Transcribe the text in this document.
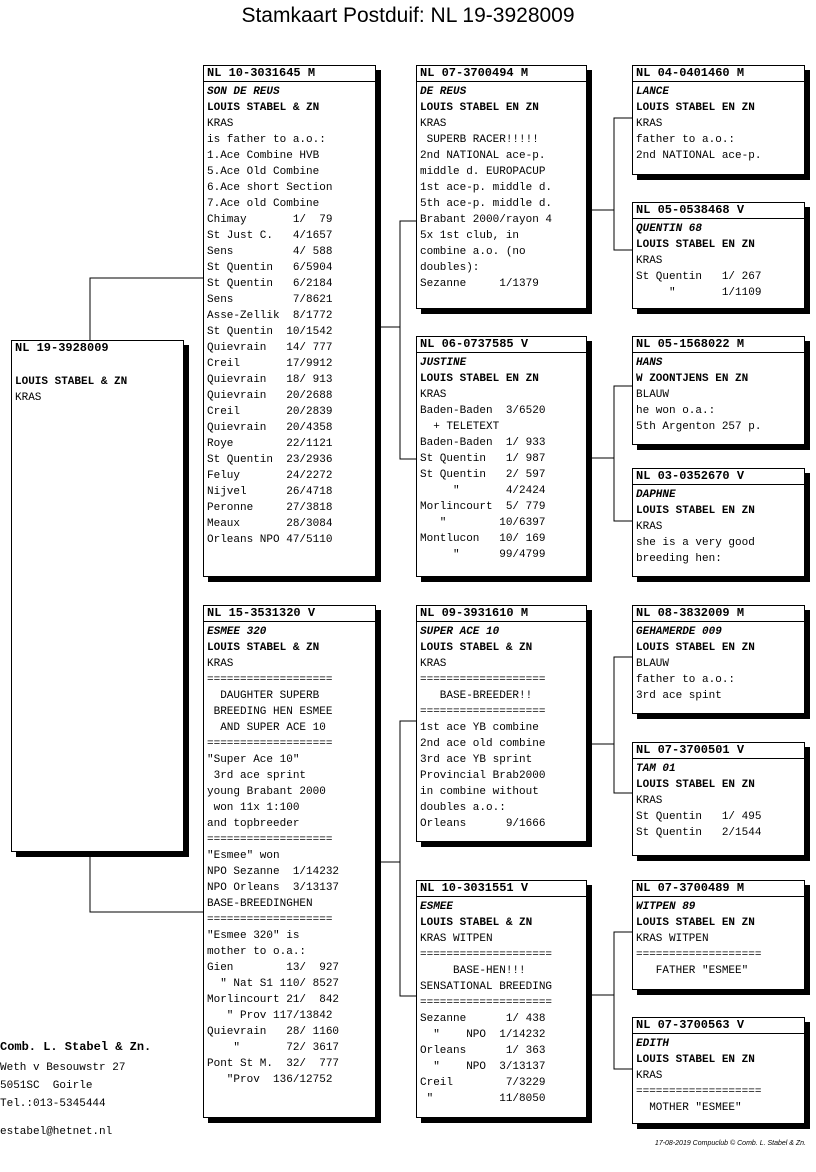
Stamkaart Postduif: NL 19-3928009
NL 19-3928009
LOUIS STABEL & ZN
KRAS
NL 10-3031645 M
SON DE REUS
LOUIS STABEL & ZN
KRAS
is father to a.o.:
1.Ace Combine HVB
5.Ace Old Combine
6.Ace short Section
7.Ace old Combine
Chimay       1/  79
St Just C.   4/1657
Sens         4/ 588
St Quentin   6/5904
St Quentin   6/2184
Sens         7/8621
Asse-Zellik  8/1772
St Quentin  10/1542
Quievrain   14/ 777
Creil       17/9912
Quievrain   18/ 913
Quievrain   20/2688
Creil       20/2839
Quievrain   20/4358
Roye        22/1121
St Quentin  23/2936
Feluy       24/2272
Nijvel      26/4718
Peronne     27/3818
Meaux       28/3084
Orleans NPO 47/5110
NL 15-3531320 V
ESMEE 320
LOUIS STABEL & ZN
KRAS
===================
DAUGHTER SUPERB
BREEDING HEN ESMEE
AND SUPER ACE 10
===================
"Super Ace 10"
3rd ace sprint
young Brabant 2000
won 11x 1:100
and topbreeder
===================
"Esmee" won
NPO Sezanne  1/14232
NPO Orleans  3/13137
BASE-BREEDINGHEN
===================
"Esmee 320" is
mother to o.a.:
Gien        13/  927
" Nat S1 110/ 8527
Morlincourt 21/  842
" Prov 117/13842
Quievrain   28/ 1160
"       72/ 3617
Pont St M.  32/  777
"Prov  136/12752
NL 07-3700494 M
DE REUS
LOUIS STABEL EN ZN
KRAS
SUPERB RACER!!!!!
2nd NATIONAL ace-p.
middle d. EUROPACUP
1st ace-p. middle d.
5th ace-p. middle d.
Brabant 2000/rayon 4
5x 1st club, in
combine a.o. (no
doubles):
Sezanne     1/1379
NL 06-0737585 V
JUSTINE
LOUIS STABEL EN ZN
KRAS
Baden-Baden  3/6520
+ TELETEXT
Baden-Baden  1/ 933
St Quentin   1/ 987
St Quentin   2/ 597
"       4/2424
Morlincourt  5/ 779
"        10/6397
Montlucon   10/ 169
"      99/4799
NL 09-3931610 M
SUPER ACE 10
LOUIS STABEL & ZN
KRAS
===================
BASE-BREEDER!!
===================
1st ace YB combine
2nd ace old combine
3rd ace YB sprint
Provincial Brab2000
in combine without
doubles a.o.:
Orleans      9/1666
NL 10-3031551 V
ESMEE
LOUIS STABEL & ZN
KRAS WITPEN
====================
BASE-HEN!!!
SENSATIONAL BREEDING
====================
Sezanne      1/ 438
"    NPO  1/14232
Orleans      1/ 363
"    NPO  3/13137
Creil        7/3229
"          11/8050
NL 04-0401460 M
LANCE
LOUIS STABEL EN ZN
KRAS
father to a.o.:
2nd NATIONAL ace-p.
NL 05-0538468 V
QUENTIN 68
LOUIS STABEL EN ZN
KRAS
St Quentin   1/ 267
"       1/1109
NL 05-1568022 M
HANS
W ZOONTJENS EN ZN
BLAUW
he won o.a.:
5th Argenton 257 p.
NL 03-0352670 V
DAPHNE
LOUIS STABEL EN ZN
KRAS
she is a very good
breeding hen:
NL 08-3832009 M
GEHAMERDE 009
LOUIS STABEL EN ZN
BLAUW
father to a.o.:
3rd ace spint
NL 07-3700501 V
TAM 01
LOUIS STABEL EN ZN
KRAS
St Quentin   1/ 495
St Quentin   2/1544
NL 07-3700489 M
WITPEN 89
LOUIS STABEL EN ZN
KRAS WITPEN
===================
FATHER "ESMEE"
NL 07-3700563 V
EDITH
LOUIS STABEL EN ZN
KRAS
===================
MOTHER "ESMEE"
Comb. L. Stabel & Zn.
Weth v Besouwstr 27
5051SC  Goirle
Tel.:013-5345444
estabel@hetnet.nl
17-08-2019 Compuclub © Comb. L. Stabel & Zn.
